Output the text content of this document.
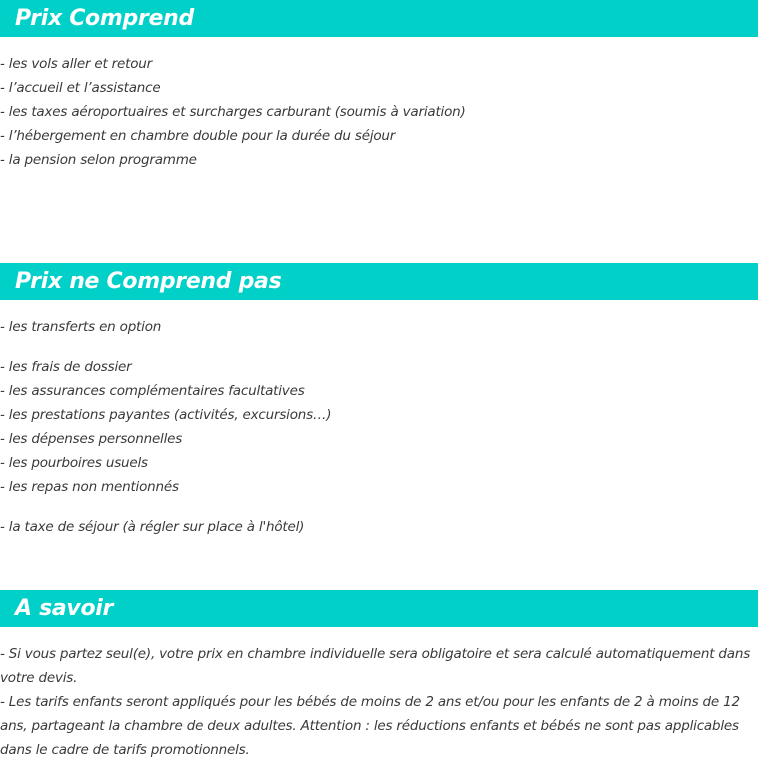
Prix Comprend
- les vols aller et retour
- l’accueil et l’assistance
- les taxes aéroportuaires et surcharges carburant (soumis à variation)
- l’hébergement en chambre double pour la durée du séjour
- la pension selon programme
Prix ne Comprend pas
- les transferts en option
- les frais de dossier
- les assurances complémentaires facultatives
- les prestations payantes (activités, excursions…)
- les dépenses personnelles
- les pourboires usuels
- les repas non mentionnés
- la taxe de séjour (à régler sur place à l'hôtel)
A savoir
- Si vous partez seul(e), votre prix en chambre individuelle sera obligatoire et sera calculé automatiquement dans votre devis.
- Les tarifs enfants seront appliqués pour les bébés de moins de 2 ans et/ou pour les enfants de 2 à moins de 12 ans, partageant la chambre de deux adultes. Attention : les réductions enfants et bébés ne sont pas applicables dans le cadre de tarifs promotionnels.
